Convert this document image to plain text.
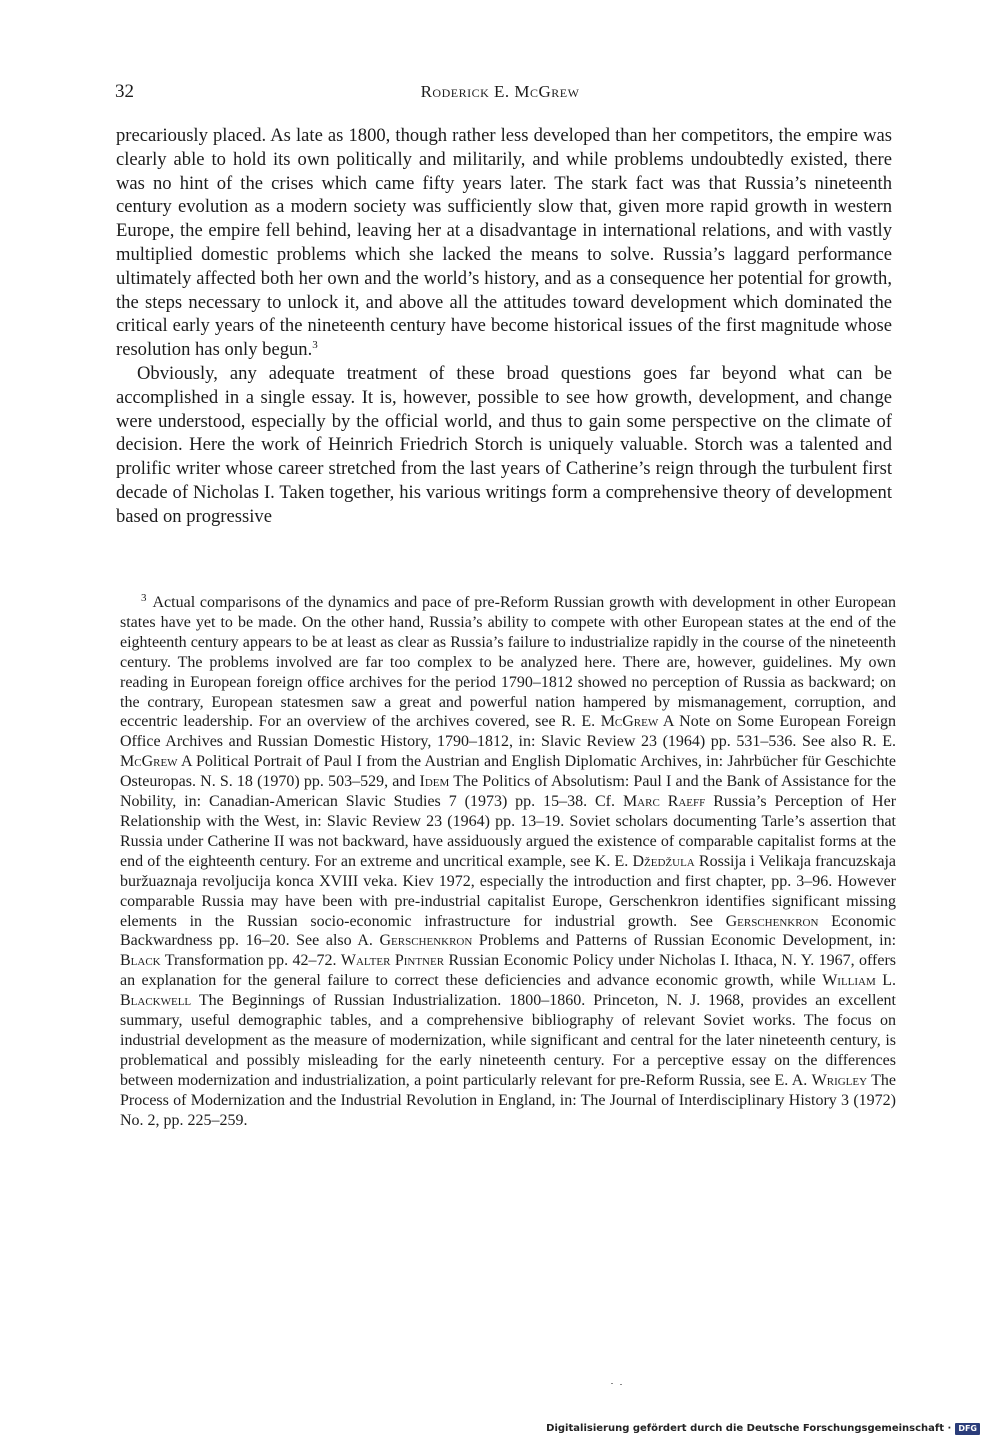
32	Roderick E. McGrew

precariously placed. As late as 1800, though rather less developed than her competitors, the empire was clearly able to hold its own politically and militarily, and while problems undoubtedly existed, there was no hint of the crises which came fifty years later. The stark fact was that Russia’s nineteenth century evolution as a modern society was sufficiently slow that, given more rapid growth in western Europe, the empire fell behind, leaving her at a disadvantage in international relations, and with vastly multiplied domestic problems which she lacked the means to solve. Russia’s laggard performance ultimately affected both her own and the world’s history, and as a consequence her potential for growth, the steps necessary to unlock it, and above all the attitudes toward development which dominated the critical early years of the nineteenth century have become historical issues of the first magnitude whose resolution has only begun.$^3$

Obviously, any adequate treatment of these broad questions goes far beyond what can be accomplished in a single essay. It is, however, possible to see how growth, development, and change were understood, especially by the official world, and thus to gain some perspective on the climate of decision. Here the work of Heinrich Friedrich Storch is uniquely valuable. Storch was a talented and prolific writer whose career stretched from the last years of Catherine’s reign through the turbulent first decade of Nicholas I. Taken together, his various writings form a comprehensive theory of development based on progressive

$^3$ Actual comparisons of the dynamics and pace of pre-Reform Russian growth with development in other European states have yet to be made. On the other hand, Russia’s ability to compete with other European states at the end of the eighteenth century appears to be at least as clear as Russia’s failure to industrialize rapidly in the course of the nineteenth century. The problems involved are far too complex to be analyzed here. There are, however, guidelines. My own reading in European foreign office archives for the period 1790–1812 showed no perception of Russia as backward; on the contrary, European statesmen saw a great and powerful nation hampered by mismanagement, corruption, and eccentric leadership. For an overview of the archives covered, see R. E. McGrew A Note on Some European Foreign Office Archives and Russian Domestic History, 1790–1812, in: Slavic Review 23 (1964) pp. 531–536. See also R. E. McGrew A Political Portrait of Paul I from the Austrian and English Diplomatic Archives, in: Jahrbücher für Geschichte Osteuropas. N. S. 18 (1970) pp. 503–529, and Idem The Politics of Absolutism: Paul I and the Bank of Assistance for the Nobility, in: Canadian-American Slavic Studies 7 (1973) pp. 15–38. Cf. Marc Raeff Russia’s Perception of Her Relationship with the West, in: Slavic Review 23 (1964) pp. 13–19. Soviet scholars documenting Tarle’s assertion that Russia under Catherine II was not backward, have assiduously argued the existence of comparable capitalist forms at the end of the eighteenth century. For an extreme and uncritical example, see K. E. Džedžula Rossija i Velikaja francuzskaja buržuaznaja revoljucija konca XVIII veka. Kiev 1972, especially the introduction and first chapter, pp. 3–96. However comparable Russia may have been with pre-industrial capitalist Europe, Gerschenkron identifies significant missing elements in the Russian socio-economic infrastructure for industrial growth. See Gerschenkron Economic Backwardness pp. 16–20. See also A. Gerschenkron Problems and Patterns of Russian Economic Development, in: Black Transformation pp. 42–72. Walter Pintner Russian Economic Policy under Nicholas I. Ithaca, N. Y. 1967, offers an explanation for the general failure to correct these deficiencies and advance economic growth, while William L. Blackwell The Beginnings of Russian Industrialization. 1800–1860. Princeton, N. J. 1968, provides an excellent summary, useful demographic tables, and a comprehensive bibliography of relevant Soviet works. The focus on industrial development as the measure of modernization, while significant and central for the later nineteenth century, is problematical and possibly misleading for the early nineteenth century. For a perceptive essay on the differences between modernization and industrialization, a point particularly relevant for pre-Reform Russia, see E. A. Wrigley The Process of Modernization and the Industrial Revolution in England, in: The Journal of Interdisciplinary History 3 (1972) No. 2, pp. 225–259.
Digitalisierung gefördert durch die Deutsche Forschungsgemeinschaft · DFG
